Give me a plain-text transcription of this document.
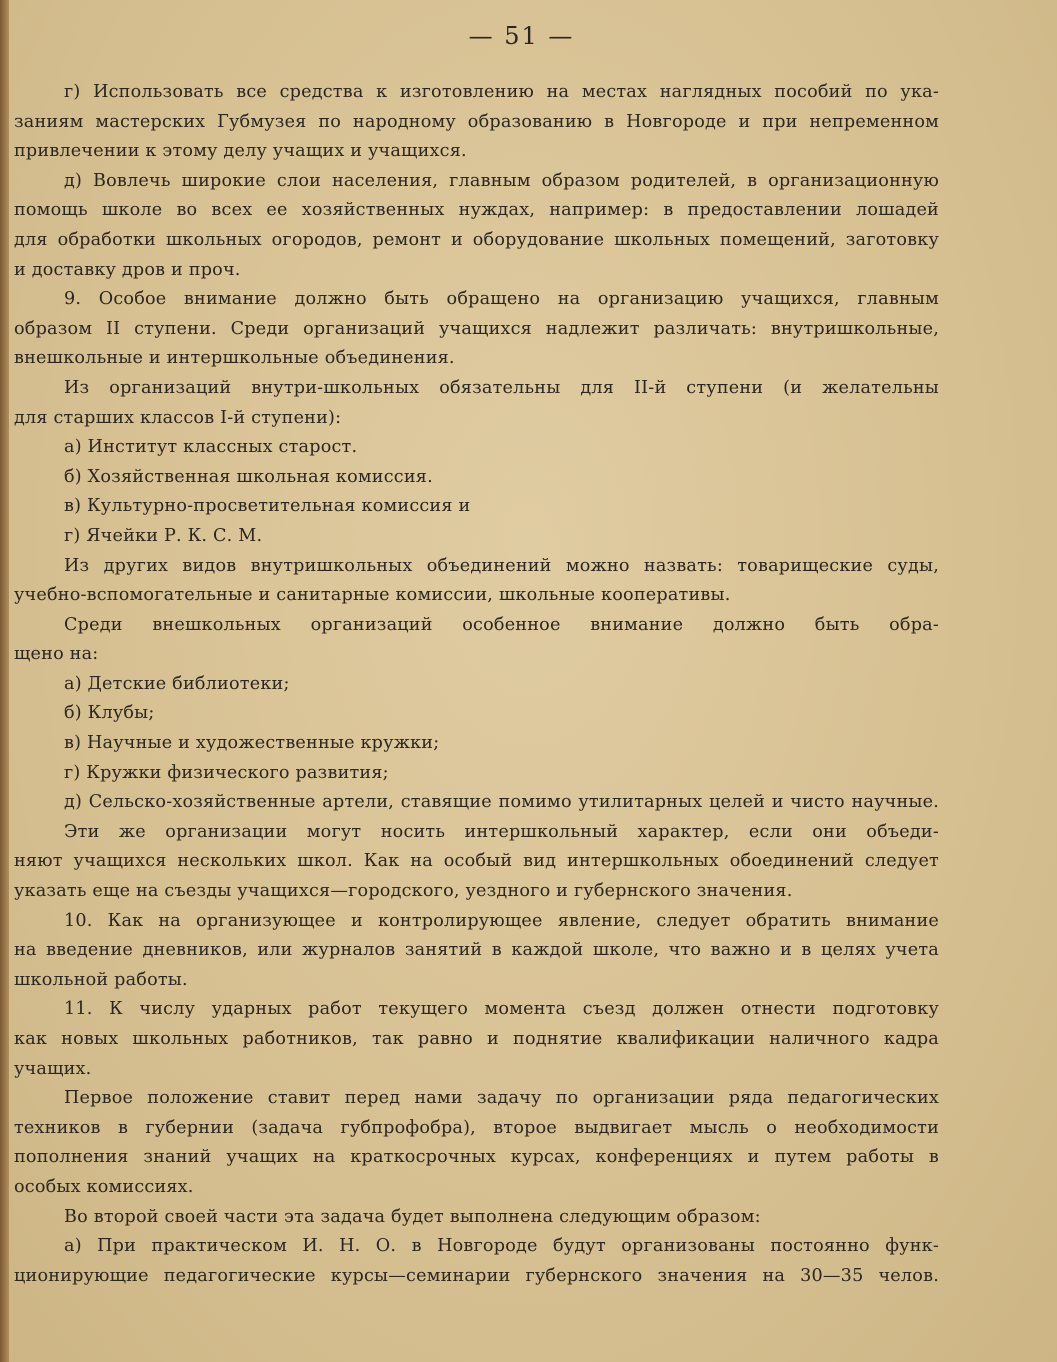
— 51 —
г) Использовать все средства к изготовлению на местах наглядных пособий по ука-
заниям мастерских Губмузея по народному образованию в Новгороде и при непременном
привлечении к этому делу учащих и учащихся.
д) Вовлечь широкие слои населения, главным образом родителей, в организационную
помощь школе во всех ее хозяйственных нуждах, например: в предоставлении лошадей
для обработки школьных огородов, ремонт и оборудование школьных помещений, заготовку
и доставку дров и проч.
9. Особое внимание должно быть обращено на организацию учащихся, главным
образом II ступени. Среди организаций учащихся надлежит различать: внутришкольные,
внешкольные и интершкольные объединения.
Из организаций внутри-школьных обязательны для II-й ступени (и желательны
для старших классов I-й ступени):
а) Институт классных старост.
б) Хозяйственная школьная комиссия.
в) Культурно-просветительная комиссия и
г) Ячейки Р. К. С. М.
Из других видов внутришкольных объединений можно назвать: товарищеские суды,
учебно-вспомогательные и санитарные комиссии, школьные кооперативы.
Среди внешкольных организаций особенное внимание должно быть обра-
щено на:
а) Детские библиотеки;
б) Клубы;
в) Научные и художественные кружки;
г) Кружки физического развития;
д) Сельско-хозяйственные артели, ставящие помимо утилитарных целей и чисто научные.
Эти же организации могут носить интершкольный характер, если они объеди-
няют учащихся нескольких школ. Как на особый вид интершкольных обоединений следует
указать еще на съезды учащихся—городского, уездного и губернского значения.
10. Как на организующее и контролирующее явление, следует обратить внимание
на введение дневников, или журналов занятий в каждой школе, что важно и в целях учета
школьной работы.
11. К числу ударных работ текущего момента съезд должен отнести подготовку
как новых школьных работников, так равно и поднятие квалификации наличного кадра
учащих.
Первое положение ставит перед нами задачу по организации ряда педагогических
техников в губернии (задача губпрофобра), второе выдвигает мысль о необходимости
пополнения знаний учащих на краткосрочных курсах, конференциях и путем работы в
особых комиссиях.
Во второй своей части эта задача будет выполнена следующим образом:
а) При практическом И. Н. О. в Новгороде будут организованы постоянно функ-
ционирующие педагогические курсы—семинарии губернского значения на 30—35 челов.
